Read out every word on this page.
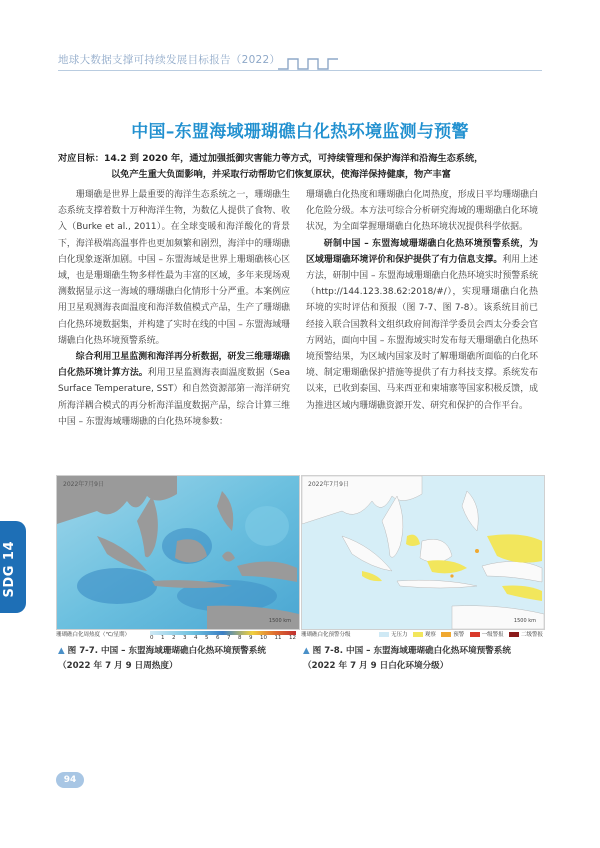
地球大数据支撑可持续发展目标报告（2022）
中国–东盟海域珊瑚礁白化热环境监测与预警
对应目标：14.2 到 2020 年，通过加强抵御灾害能力等方式，可持续管理和保护海洋和沿海生态系统，
以免产生重大负面影响，并采取行动帮助它们恢复原状，使海洋保持健康，物产丰富

珊瑚礁是世界上最重要的海洋生态系统之一，珊瑚礁生态系统支撑着数十万种海洋生物，为数亿人提供了食物、收入（Burke et al., 2011）。在全球变暖和海洋酸化的背景下，海洋极端高温事件也更加频繁和剧烈，海洋中的珊瑚礁白化现象逐渐加剧。中国 – 东盟海域是世界上珊瑚礁核心区域，也是珊瑚礁生物多样性最为丰富的区域，多年来现场观测数据显示这一海域的珊瑚礁白化情形十分严重。本案例应用卫星观测海表面温度和海洋数值模式产品，生产了珊瑚礁白化热环境数据集，并构建了实时在线的中国 – 东盟海域珊瑚礁白化热环境预警系统。

综合利用卫星监测和海洋再分析数据，研发三维珊瑚礁白化热环境计算方法。利用卫星监测海表面温度数据（Sea Surface Temperature, SST）和自然资源部第一海洋研究所海洋耦合模式的再分析海洋温度数据产品，综合计算三维中国 – 东盟海域珊瑚礁的白化热环境参数：

珊瑚礁白化热度和珊瑚礁白化周热度，形成日平均珊瑚礁白化危险分级。本方法可综合分析研究海域的珊瑚礁白化环境状况，为全面掌握珊瑚礁白化热环境状况提供科学依据。

研制中国 – 东盟海域珊瑚礁白化热环境预警系统，为区域珊瑚礁环境评价和保护提供了有力信息支撑。利用上述方法，研制中国 – 东盟海域珊瑚礁白化热环境实时预警系统（http://144.123.38.62:2018/#/），实现珊瑚礁白化热环境的实时评估和预报（图 7-7、图 7-8）。该系统目前已经接入联合国教科文组织政府间海洋学委员会西太分委会官方网站，面向中国 – 东盟海域实时发布每天珊瑚礁白化热环境预警结果，为区域内国家及时了解珊瑚礁所面临的白化环境、制定珊瑚礁保护措施等提供了有力科技支撑。系统发布以来，已收到泰国、马来西亚和柬埔寨等国家积极反馈，成为推进区域内珊瑚礁资源开发、研究和保护的合作平台。

2022年7月9日
1500 km
珊瑚礁白化周热度（℃/星期）	0 1 2 3 4 5 6 7 8 9 10 11 12
▲ 图 7-7. 中国 – 东盟海域珊瑚礁白化热环境预警系统（2022 年 7 月 9 日周热度）
2022年7月9日
1500 km
珊瑚礁白化预警分级	无压力	观察	预警	一级警报	二级警报
▲ 图 7-8. 中国 – 东盟海域珊瑚礁白化热环境预警系统（2022 年 7 月 9 日白化环境分级）
SDG 14
94
